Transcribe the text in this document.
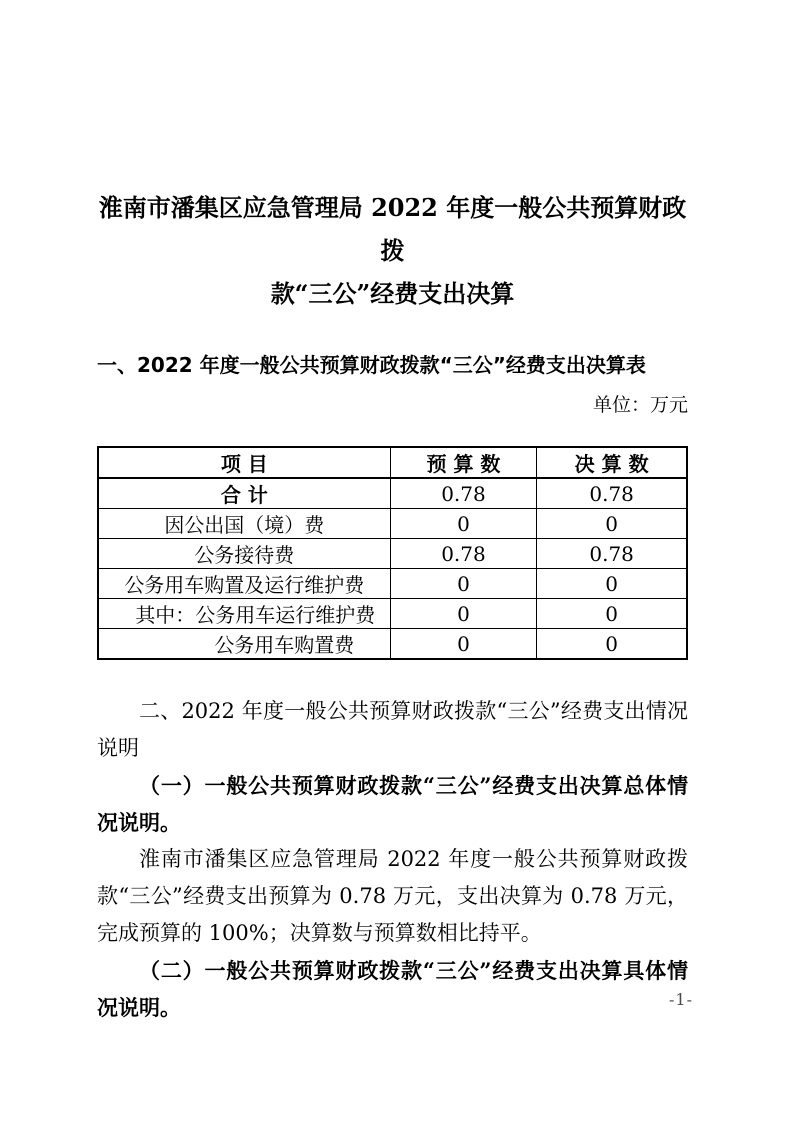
淮南市潘集区应急管理局 2022 年度一般公共预算财政拨
款“三公”经费支出决算
一、2022 年度一般公共预算财政拨款“三公”经费支出决算表
单位：万元
项 目	预 算 数	决 算 数
合 计	0.78	0.78
因公出国（境）费	0	0
公务接待费	0.78	0.78
公务用车购置及运行维护费	0	0
其中：公务用车运行维护费	0	0
公务用车购置费	0	0

二、2022 年度一般公共预算财政拨款“三公”经费支出情况说明

（一）一般公共预算财政拨款“三公”经费支出决算总体情况说明。

淮南市潘集区应急管理局 2022 年度一般公共预算财政拨款“三公”经费支出预算为 0.78 万元，支出决算为 0.78 万元，完成预算的 100%；决算数与预算数相比持平。

（二）一般公共预算财政拨款“三公”经费支出决算具体情况说明。	-1-
